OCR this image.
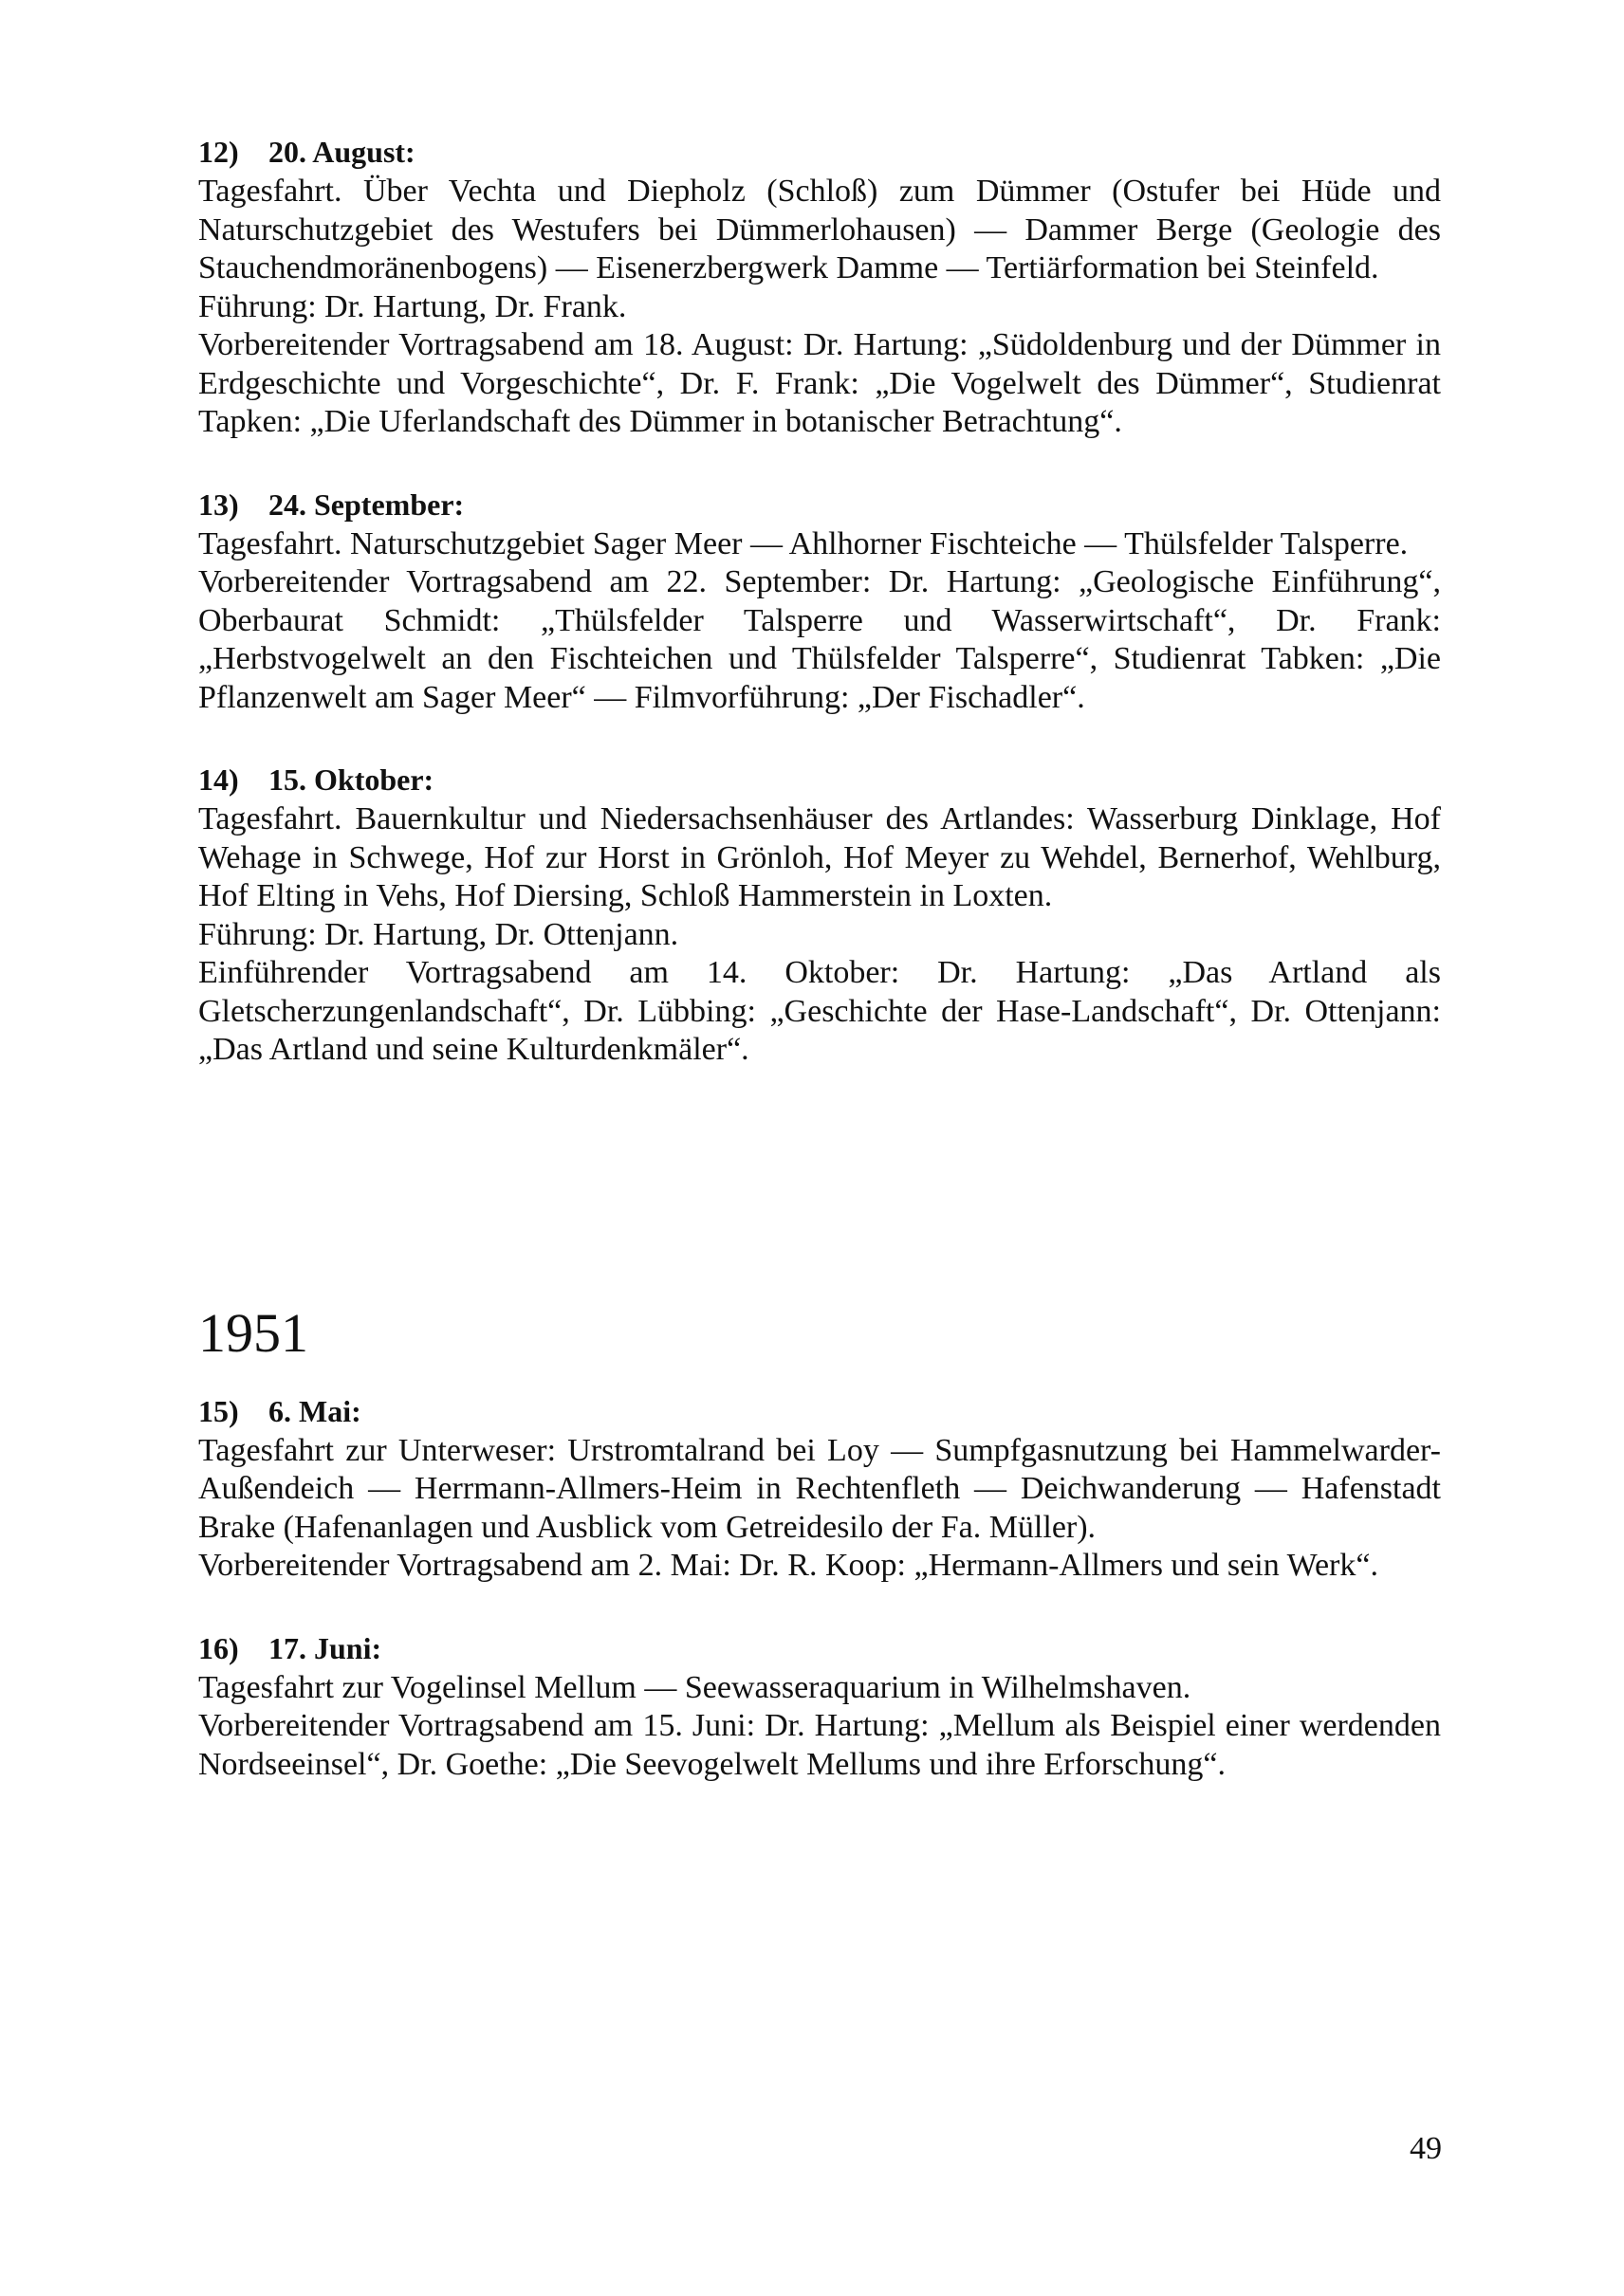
12) 20. August:

Tagesfahrt. Über Vechta und Diepholz (Schloß) zum Dümmer (Ostufer bei Hüde und Naturschutzgebiet des Westufers bei Dümmerlohausen) — Dammer Berge (Geologie des Stauchendmoränenbogens) — Eisenerzbergwerk Damme — Tertiärformation bei Steinfeld.

Führung: Dr. Hartung, Dr. Frank.

Vorbereitender Vortragsabend am 18. August: Dr. Hartung: „Südoldenburg und der Dümmer in Erdgeschichte und Vorgeschichte“, Dr. F. Frank: „Die Vogelwelt des Dümmer“, Studienrat Tapken: „Die Uferlandschaft des Dümmer in botanischer Betrachtung“.

13) 24. September:

Tagesfahrt. Naturschutzgebiet Sager Meer — Ahlhorner Fischteiche — Thülsfelder Talsperre.

Vorbereitender Vortragsabend am 22. September: Dr. Hartung: „Geologische Einführung“, Oberbaurat Schmidt: „Thülsfelder Talsperre und Wasserwirtschaft“, Dr. Frank: „Herbstvogelwelt an den Fischteichen und Thülsfelder Talsperre“, Studienrat Tabken: „Die Pflanzenwelt am Sager Meer“ — Filmvorführung: „Der Fischadler“.

14) 15. Oktober:

Tagesfahrt. Bauernkultur und Niedersachsenhäuser des Artlandes: Wasserburg Dinklage, Hof Wehage in Schwege, Hof zur Horst in Grönloh, Hof Meyer zu Wehdel, Bernerhof, Wehlburg, Hof Elting in Vehs, Hof Diersing, Schloß Hammerstein in Loxten.

Führung: Dr. Hartung, Dr. Ottenjann.

Einführender Vortragsabend am 14. Oktober: Dr. Hartung: „Das Artland als Gletscherzungenlandschaft“, Dr. Lübbing: „Geschichte der Hase-Landschaft“, Dr. Ottenjann: „Das Artland und seine Kulturdenkmäler“.

1951
15) 6. Mai:

Tagesfahrt zur Unterweser: Urstromtalrand bei Loy — Sumpfgasnutzung bei Hammelwarder-Außendeich — Herrmann-Allmers-Heim in Rechtenfleth — Deichwanderung — Hafenstadt Brake (Hafenanlagen und Ausblick vom Getreidesilo der Fa. Müller).

Vorbereitender Vortragsabend am 2. Mai: Dr. R. Koop: „Hermann-Allmers und sein Werk“.

16) 17. Juni:

Tagesfahrt zur Vogelinsel Mellum — Seewasseraquarium in Wilhelmshaven.

Vorbereitender Vortragsabend am 15. Juni: Dr. Hartung: „Mellum als Beispiel einer werdenden Nordseeinsel“, Dr. Goethe: „Die Seevogelwelt Mellums und ihre Erforschung“.

49
